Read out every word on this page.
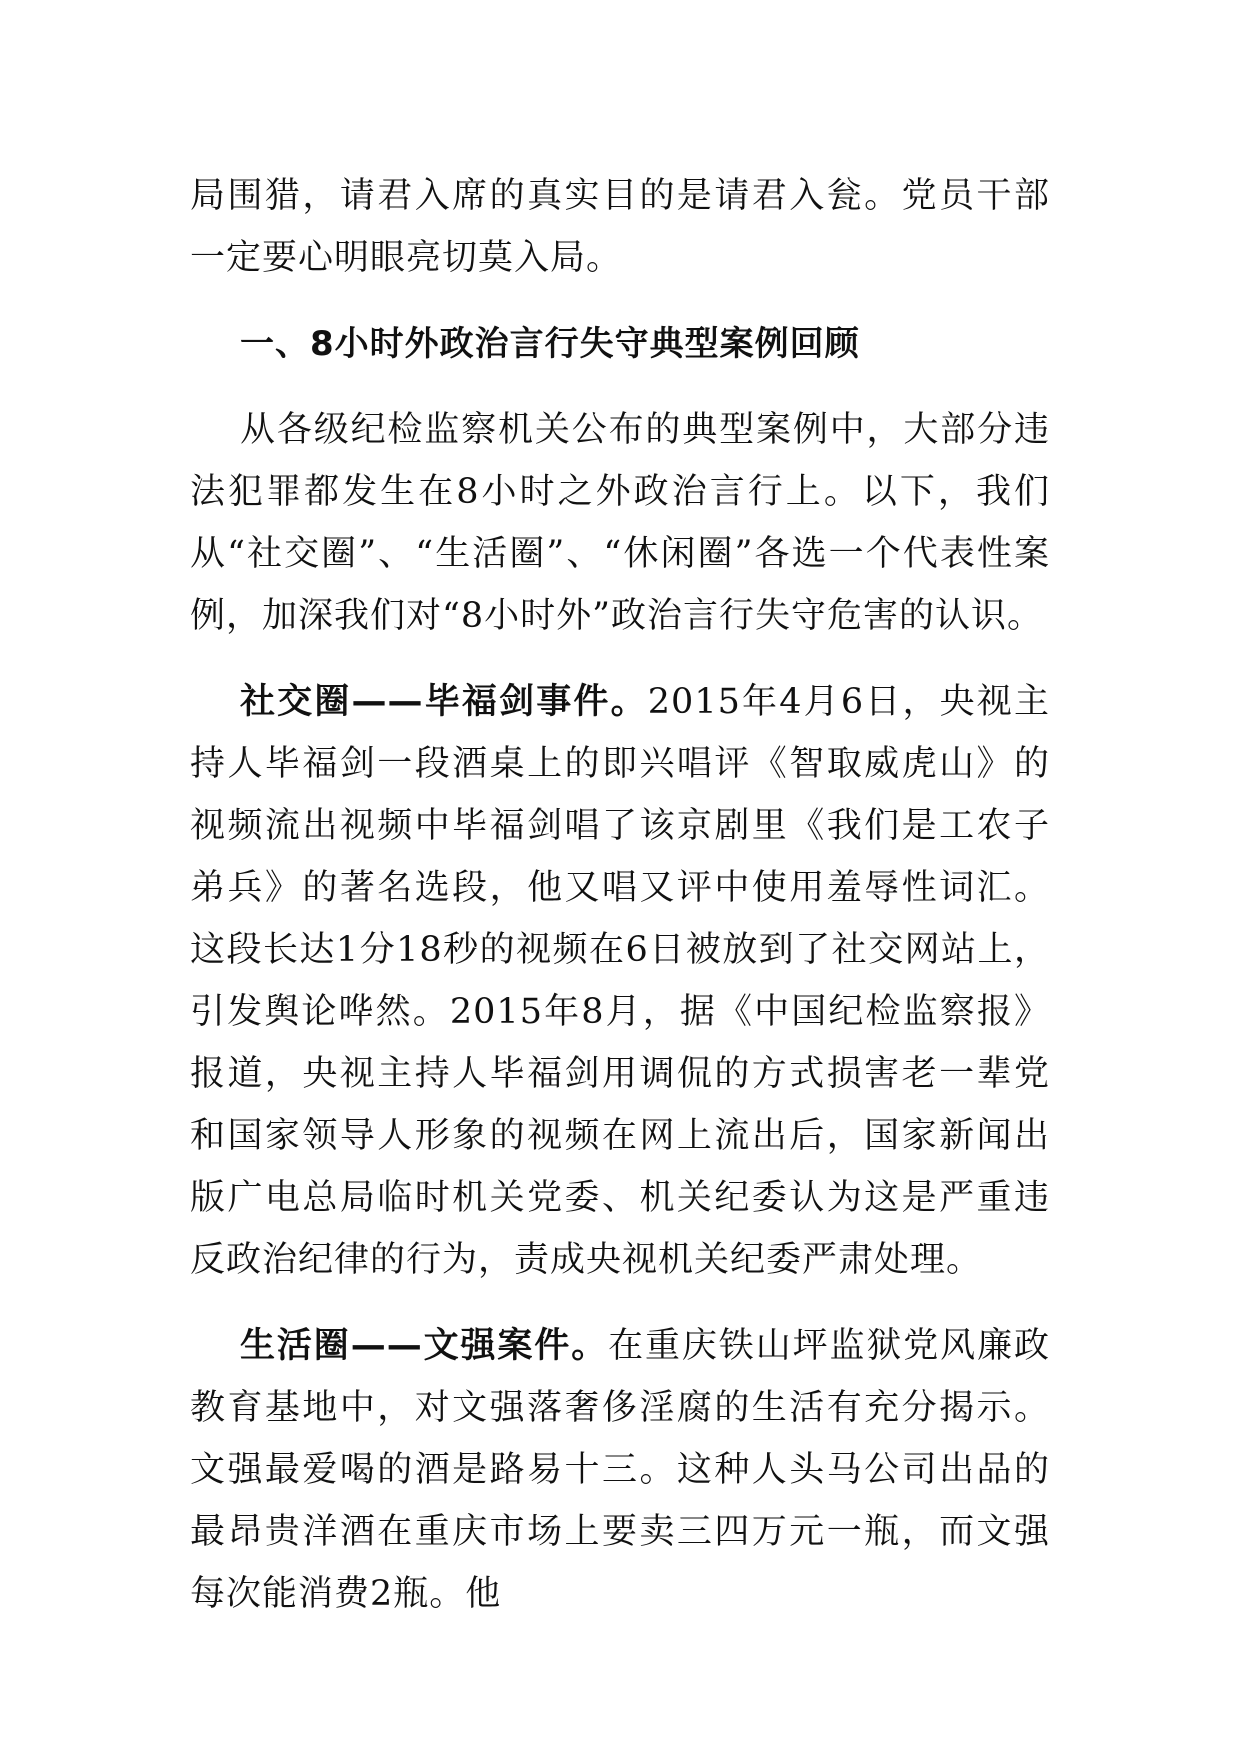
局围猎，请君入席的真实目的是请君入瓮。党员干部一定要心明眼亮切莫入局。

一、8小时外政治言行失守典型案例回顾

从各级纪检监察机关公布的典型案例中，大部分违法犯罪都发生在8小时之外政治言行上。以下，我们从“社交圈”、“生活圈”、“休闲圈”各选一个代表性案例，加深我们对“8小时外”政治言行失守危害的认识。

社交圈——毕福剑事件。2015年4月6日，央视主持人毕福剑一段酒桌上的即兴唱评《智取威虎山》的视频流出视频中毕福剑唱了该京剧里《我们是工农子弟兵》的著名选段，他又唱又评中使用羞辱性词汇。这段长达1分18秒的视频在6日被放到了社交网站上，引发舆论哗然。2015年8月，据《中国纪检监察报》报道，央视主持人毕福剑用调侃的方式损害老一辈党和国家领导人形象的视频在网上流出后，国家新闻出版广电总局临时机关党委、机关纪委认为这是严重违反政治纪律的行为，责成央视机关纪委严肃处理。

生活圈——文强案件。在重庆铁山坪监狱党风廉政教育基地中，对文强落奢侈淫腐的生活有充分揭示。文强最爱喝的酒是路易十三。这种人头马公司出品的最昂贵洋酒在重庆市场上要卖三四万元一瓶，而文强每次能消费2瓶。他
